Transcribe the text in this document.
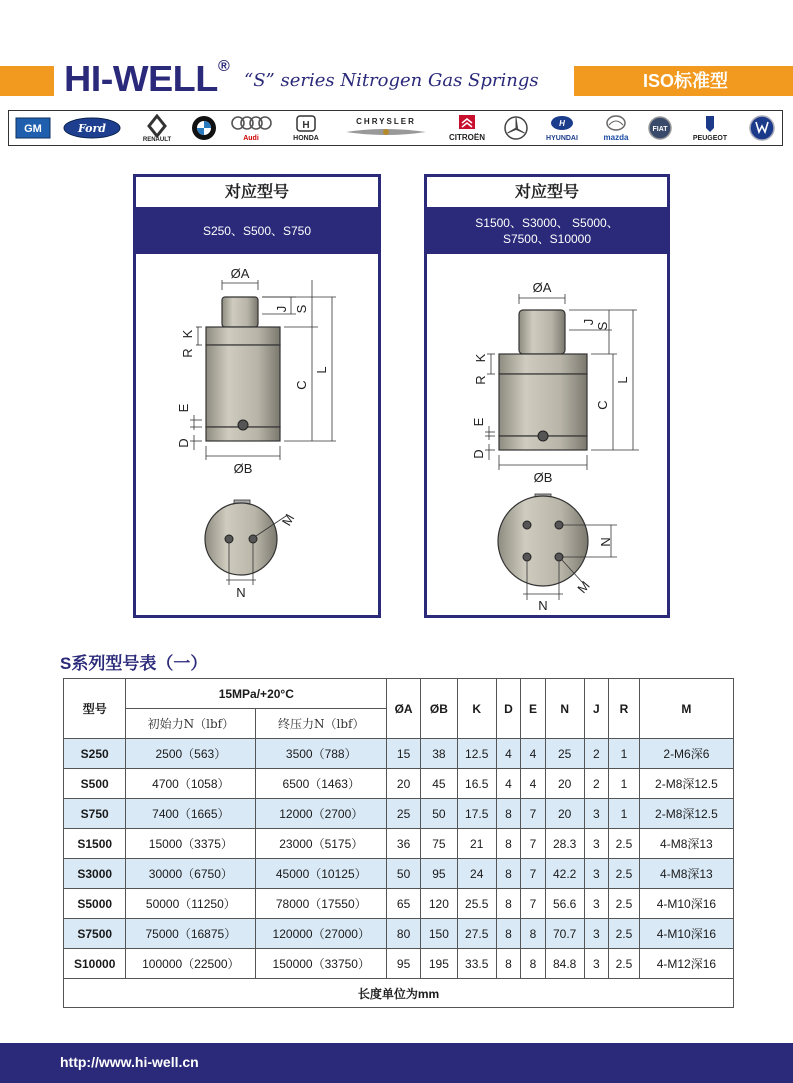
HI-WELL ®
“S” series Nitrogen Gas Springs	ISO标准型
GM	Ford
RENAULT	Audi
H
HONDA
CHRYSLER
CITROËN
H
HYUNDAI	mazda
FIAT
PEUGEOT
对应型号
S250、S500、S750
ØA
J S
K
R
C
L
E
D
ØB
N
M
对应型号
S1500、S3000、 S5000、
S7500、S10000
ØA
J S
K
R
C
L
E
D
ØB
N
N
M
S系列型号表（一）
型号	15MPa/+20°C		ØA	ØB	K	D	E	N	J	R	M
	初始力N（lbf）	终压力N（lbf）									
S250	2500（563）	3500（788）	15	38	12.5	4	4	25	2	1	2-M6深6
S500	4700（1058）	6500（1463）	20	45	16.5	4	4	20	2	1	2-M8深12.5
S750	7400（1665）	12000（2700）	25	50	17.5	8	7	20	3	1	2-M8深12.5
S1500	15000（3375）	23000（5175）	36	75	21	8	7	28.3	3	2.5	4-M8深13
S3000	30000（6750）	45000（10125）	50	95	24	8	7	42.2	3	2.5	4-M8深13
S5000	50000（11250）	78000（17550）	65	120	25.5	8	7	56.6	3	2.5	4-M10深16
S7500	75000（16875）	120000（27000）	80	150	27.5	8	8	70.7	3	2.5	4-M10深16
S10000	100000（22500）	150000（33750）	95	195	33.5	8	8	84.8	3	2.5	4-M12深16
长度单位为mm											
http://www.hi-well.cn
